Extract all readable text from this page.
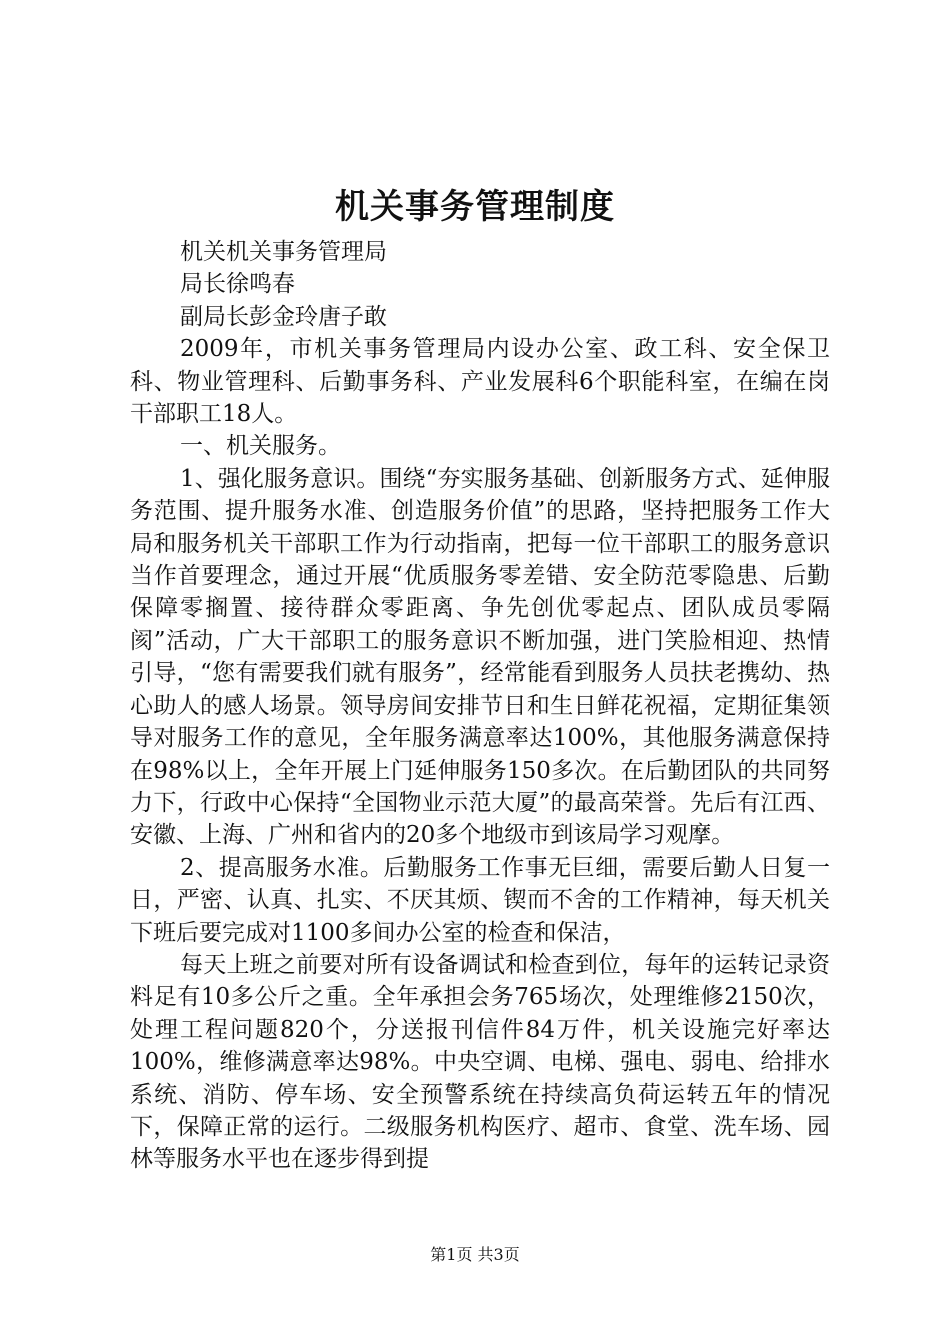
机关事务管理制度

机关机关事务管理局

局长徐鸣春

副局长彭金玲唐子敢

2009年，市机关事务管理局内设办公室、政工科、安全保卫科、物业管理科、后勤事务科、产业发展科6个职能科室，在编在岗干部职工18人。

一、机关服务。

1、强化服务意识。围绕“夯实服务基础、创新服务方式、延伸服务范围、提升服务水准、创造服务价值”的思路，坚持把服务工作大局和服务机关干部职工作为行动指南，把每一位干部职工的服务意识当作首要理念，通过开展“优质服务零差错、安全防范零隐患、后勤保障零搁置、接待群众零距离、争先创优零起点、团队成员零隔阂”活动，广大干部职工的服务意识不断加强，进门笑脸相迎、热情引导，“您有需要我们就有服务”，经常能看到服务人员扶老携幼、热心助人的感人场景。领导房间安排节日和生日鲜花祝福，定期征集领导对服务工作的意见，全年服务满意率达100%，其他服务满意保持在98%以上，全年开展上门延伸服务150多次。在后勤团队的共同努力下，行政中心保持“全国物业示范大厦”的最高荣誉。先后有江西、安徽、上海、广州和省内的20多个地级市到该局学习观摩。

2、提高服务水准。后勤服务工作事无巨细，需要后勤人日复一日，严密、认真、扎实、不厌其烦、锲而不舍的工作精神，每天机关下班后要完成对1100多间办公室的检查和保洁，

每天上班之前要对所有设备调试和检查到位，每年的运转记录资料足有10多公斤之重。全年承担会务765场次，处理维修2150次，处理工程问题820个，分送报刊信件84万件，机关设施完好率达100%，维修满意率达98%。中央空调、电梯、强电、弱电、给排水系统、消防、停车场、安全预警系统在持续高负荷运转五年的情况下，保障正常的运行。二级服务机构医疗、超市、食堂、洗车场、园林等服务水平也在逐步得到提

第1页 共3页
